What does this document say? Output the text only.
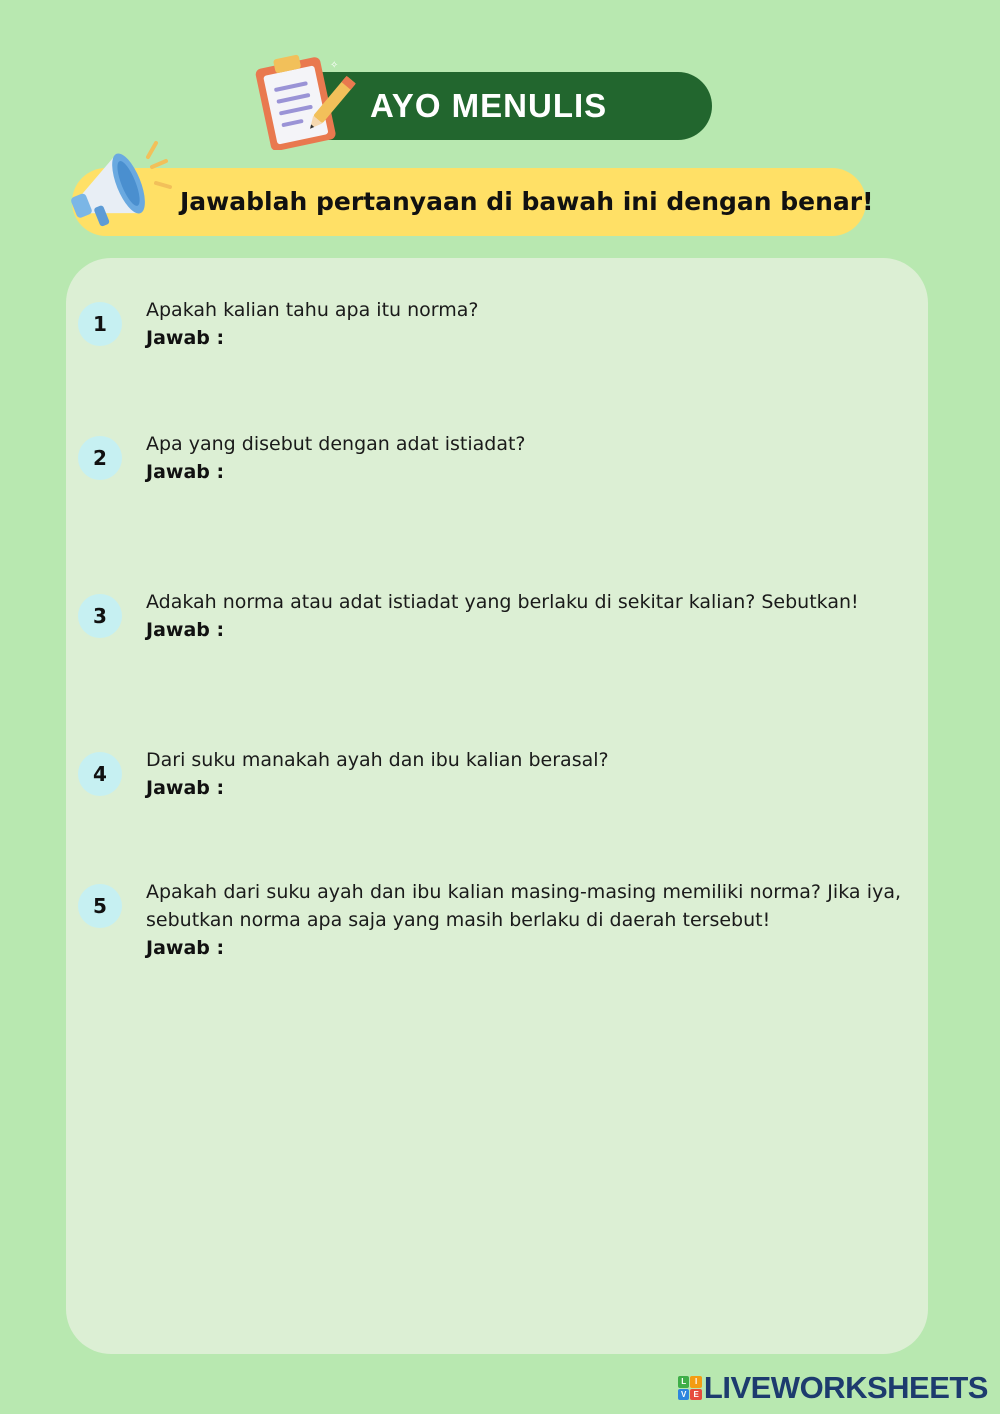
AYO MENULIS
✧
Jawablah pertanyaan di bawah ini dengan benar!
1
Apakah kalian tahu apa itu norma?
Jawab :
2
Apa yang disebut dengan adat istiadat?
Jawab :
3
Adakah norma atau adat istiadat yang berlaku di sekitar kalian? Sebutkan!
Jawab :
4
Dari suku manakah ayah dan ibu kalian berasal?
Jawab :
5
Apakah dari suku ayah dan ibu kalian masing-masing memiliki norma? Jika iya, sebutkan norma apa saja yang masih berlaku di daerah tersebut!
Jawab :
L	I
V E LIVEWORKSHEETS
